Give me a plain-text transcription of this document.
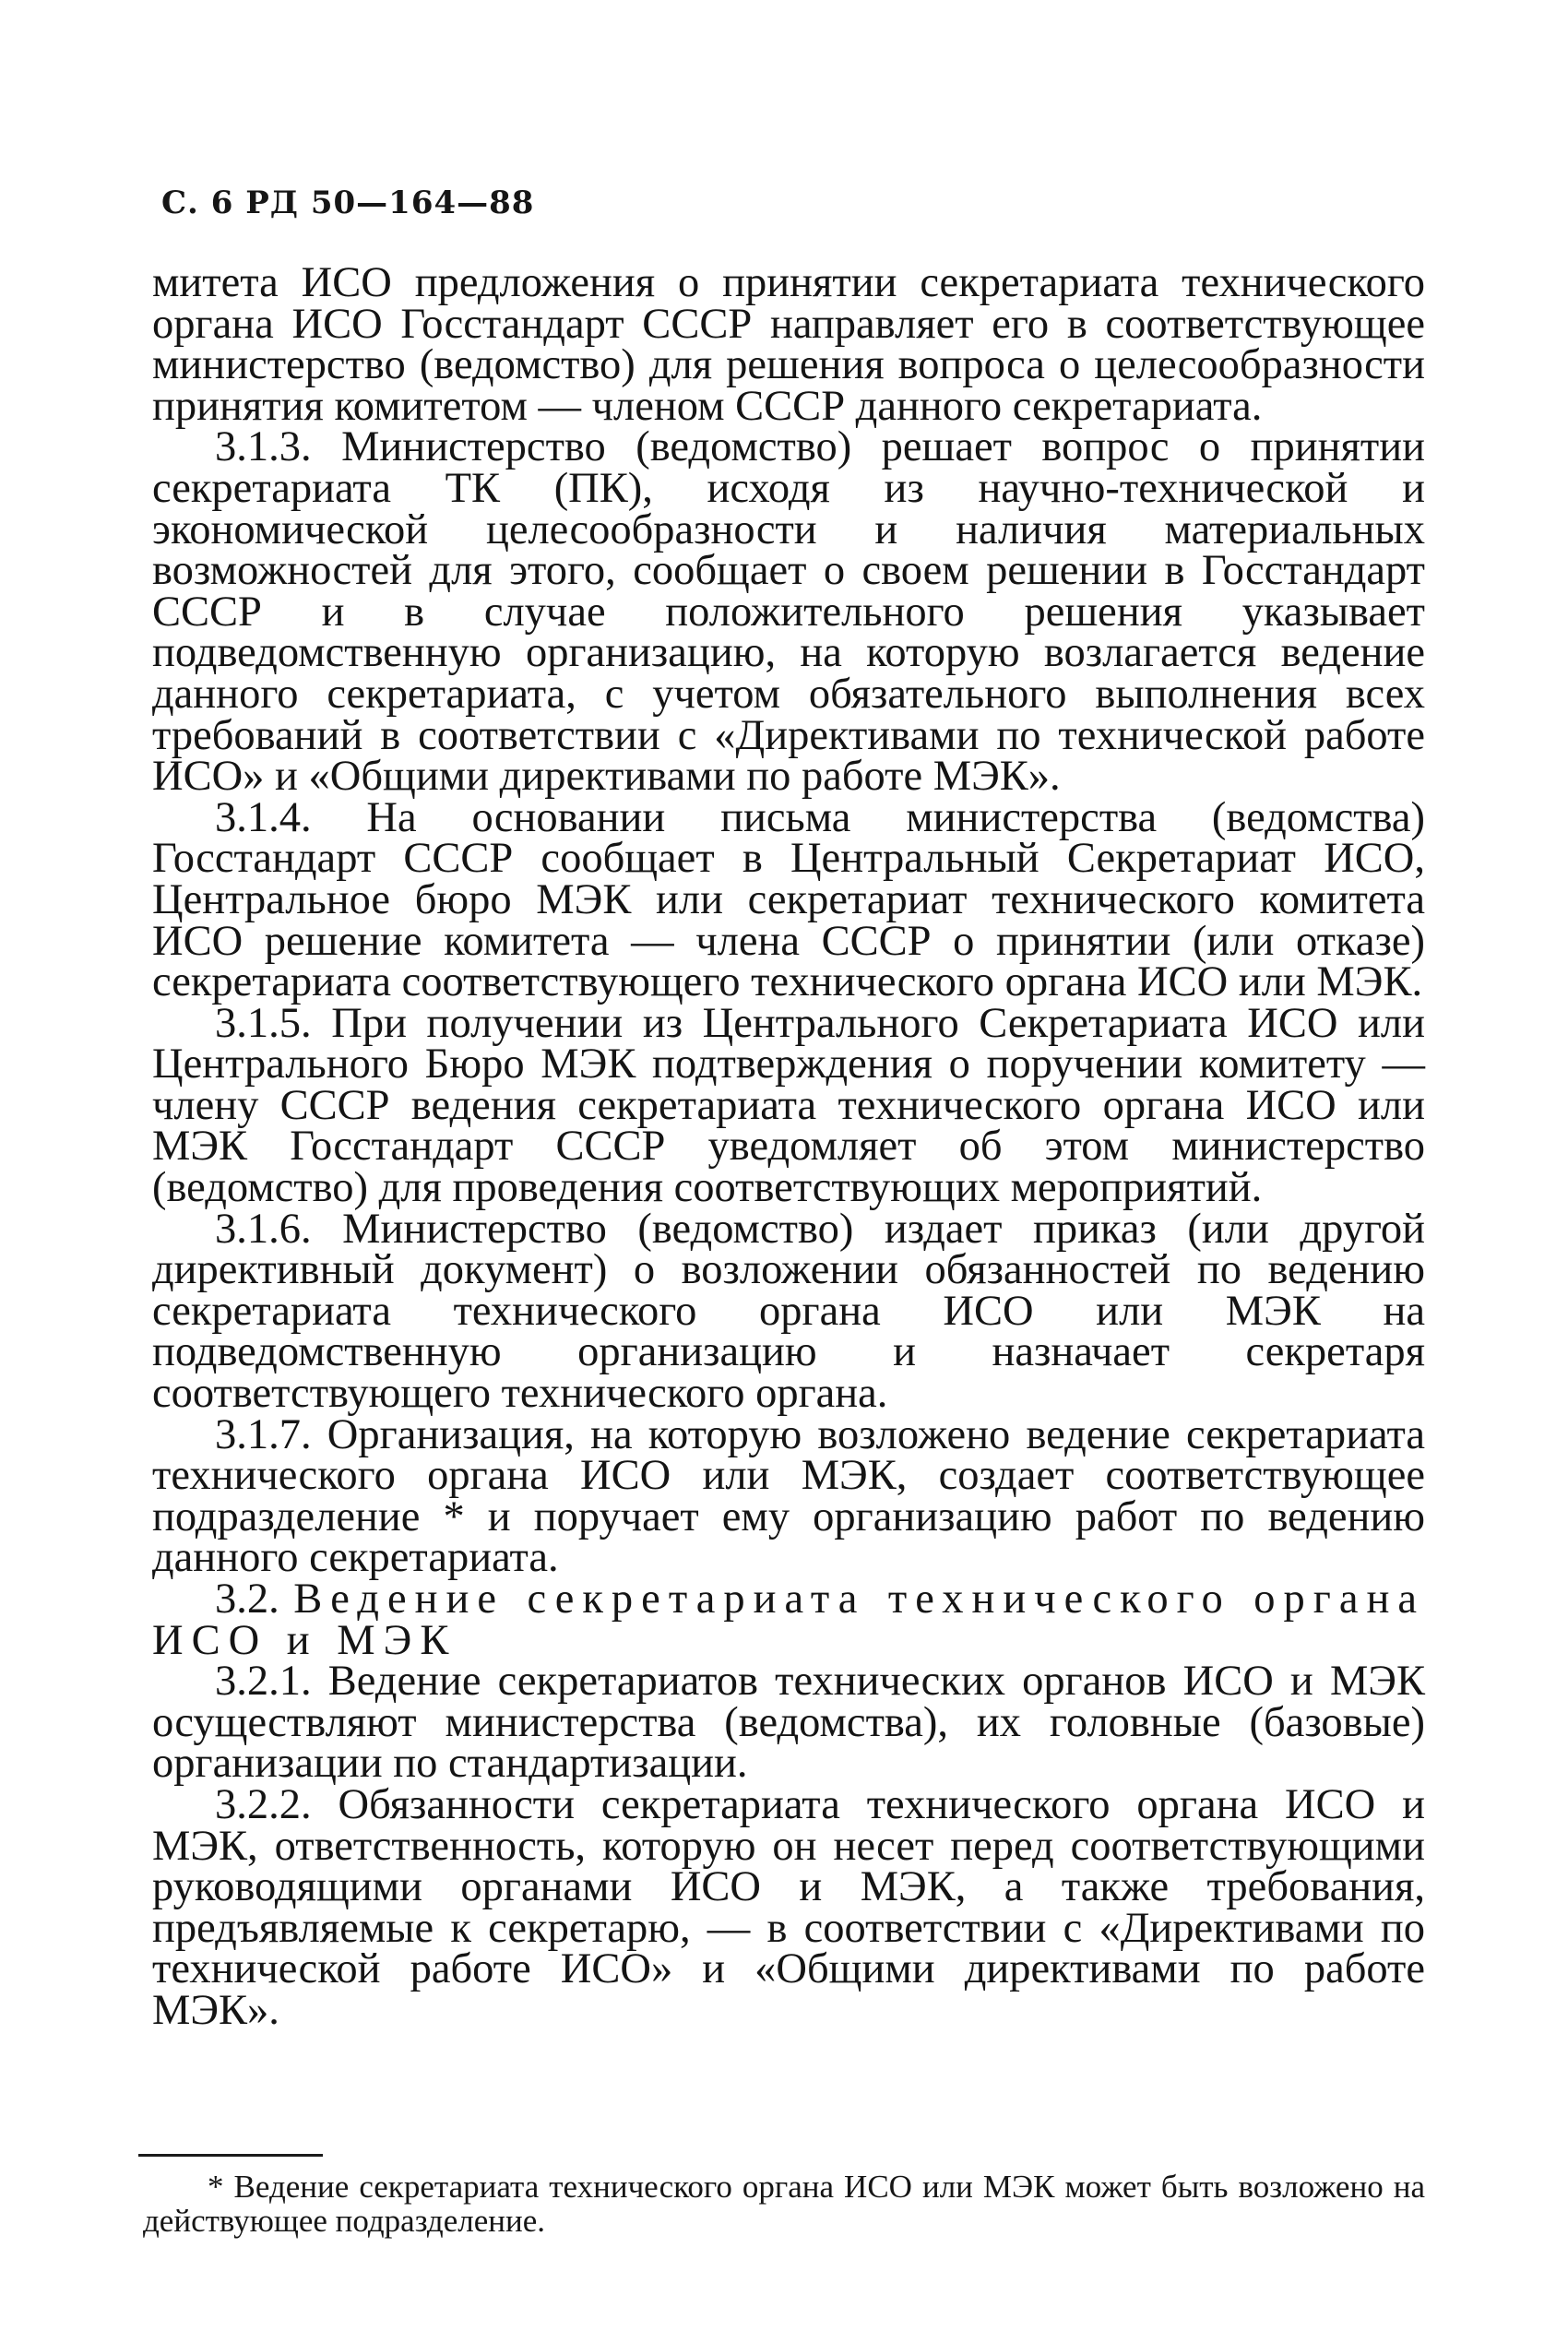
С. 6 РД 50—164—88

митета ИСО предложения о принятии секретариата технического органа ИСО Госстандарт СССР направляет его в соответствующее министерство (ведомство) для решения вопроса о целесообразности принятия комитетом — членом СССР данного секретариата.

3.1.3. Министерство (ведомство) решает вопрос о принятии секретариата ТК (ПК), исходя из научно-технической и экономической целесообразности и наличия материальных возможностей для этого, сообщает о своем решении в Госстандарт СССР и в случае положительного решения указывает подведомственную организацию, на которую возлагается ведение данного секретариата, с учетом обязательного выполнения всех требований в соответствии с «Директивами по технической работе ИСО» и «Общими директивами по работе МЭК».

3.1.4. На основании письма министерства (ведомства) Госстандарт СССР сообщает в Центральный Секретариат ИСО, Центральное бюро МЭК или секретариат технического комитета ИСО решение комитета — члена СССР о принятии (или отказе) секретариата соответствующего технического органа ИСО или МЭК.

3.1.5. При получении из Центрального Секретариата ИСО или Центрального Бюро МЭК подтверждения о поручении комитету — члену СССР ведения секретариата технического органа ИСО или МЭК Госстандарт СССР уведомляет об этом министерство (ведомство) для проведения соответствующих мероприятий.

3.1.6. Министерство (ведомство) издает приказ (или другой директивный документ) о возложении обязанностей по ведению секретариата технического органа ИСО или МЭК на подведомственную организацию и назначает секретаря соответствующего технического органа.

3.1.7. Организация, на которую возложено ведение секретариата технического органа ИСО или МЭК, создает соответствующее подразделение * и поручает ему организацию работ по ведению данного секретариата.

3.2. Ведение секретариата технического органа ИСО и МЭК

3.2.1. Ведение секретариатов технических органов ИСО и МЭК осуществляют министерства (ведомства), их головные (базовые) организации по стандартизации.

3.2.2. Обязанности секретариата технического органа ИСО и МЭК, ответственность, которую он несет перед соответствующими руководящими органами ИСО и МЭК, а также требования, предъявляемые к секретарю, — в соответствии с «Директивами по технической работе ИСО» и «Общими директивами по работе МЭК».

* Ведение секретариата технического органа ИСО или МЭК может быть возложено на действующее подразделение.
